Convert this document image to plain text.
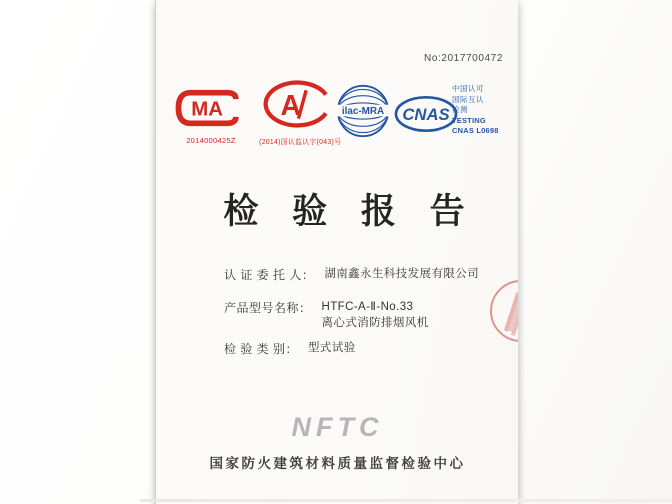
No:2017700472
MA
2014000425Z
A
(2014)国认监认字(043)号
ilac-MRA CNAS
中国认可
国际互认
检测
TESTING
CNAS L0698
检 验 报 告
认 证 委 托 人： 湖南鑫永生科技发展有限公司
产品型号名称： HTFC-A-Ⅱ-No.33
离心式消防排烟风机
检 验 类 别： 型式试验
NFTC
国家防火建筑材料质量监督检验中心
